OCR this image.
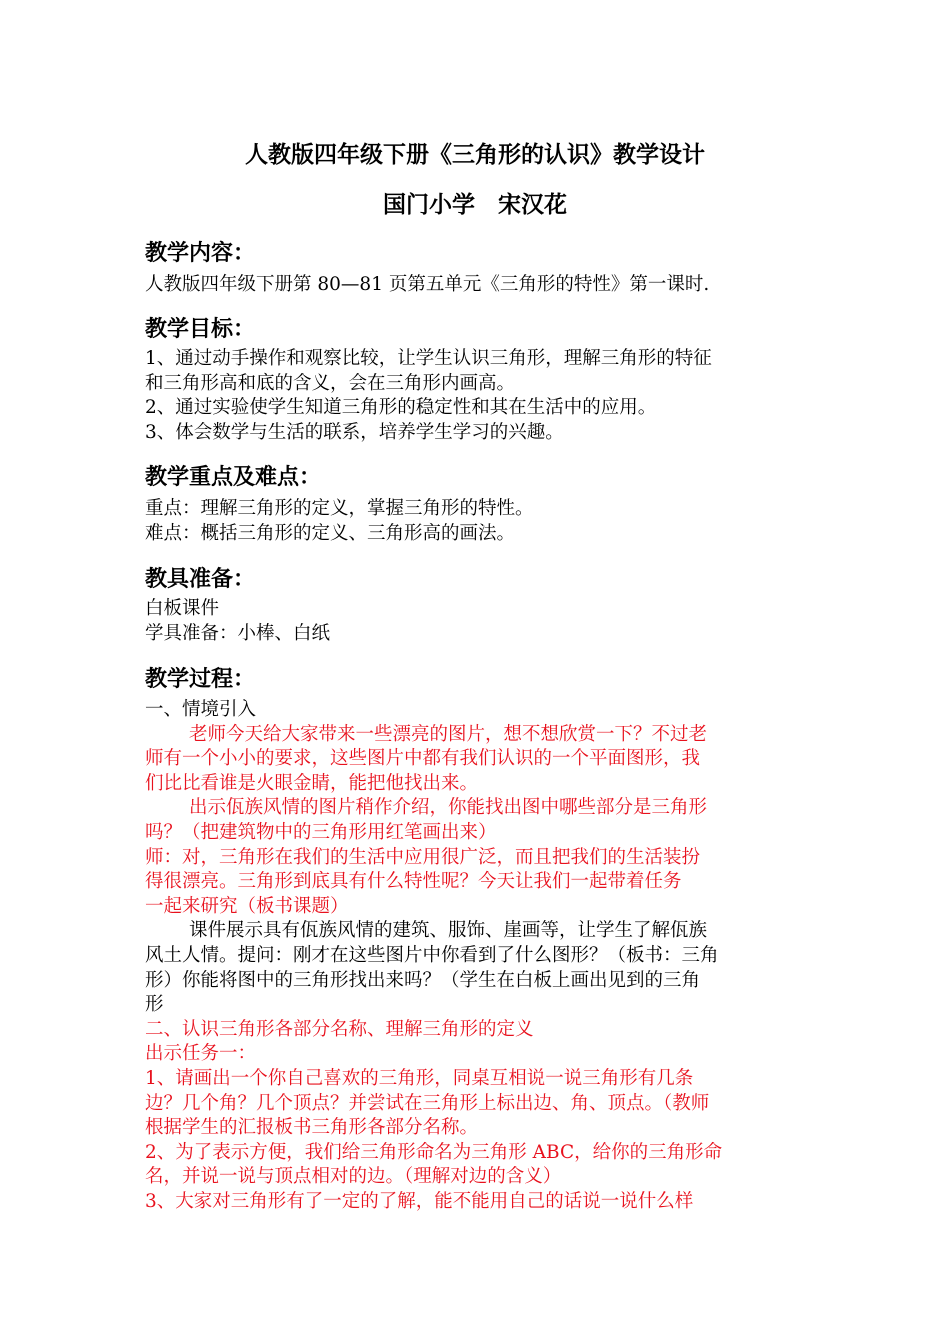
人教版四年级下册《三角形的认识》教学设计
国门小学　宋汉花
教学内容：
人教版四年级下册第 80—81 页第五单元《三角形的特性》第一课时.
教学目标：
1、通过动手操作和观察比较，让学生认识三角形，理解三角形的特征
和三角形高和底的含义，会在三角形内画高。
2、通过实验使学生知道三角形的稳定性和其在生活中的应用。
3、体会数学与生活的联系，培养学生学习的兴趣。
教学重点及难点：
重点：理解三角形的定义，掌握三角形的特性。
难点：概括三角形的定义、三角形高的画法。
教具准备：
白板课件
学具准备：小棒、白纸
教学过程：
一、情境引入
老师今天给大家带来一些漂亮的图片，想不想欣赏一下？不过老
师有一个小小的要求，这些图片中都有我们认识的一个平面图形，我
们比比看谁是火眼金睛，能把他找出来。
出示佤族风情的图片稍作介绍，你能找出图中哪些部分是三角形
吗？（把建筑物中的三角形用红笔画出来）
师：对，三角形在我们的生活中应用很广泛，而且把我们的生活装扮
得很漂亮。三角形到底具有什么特性呢？今天让我们一起带着任务
一起来研究（板书课题）
课件展示具有佤族风情的建筑、服饰、崖画等，让学生了解佤族
风土人情。提问：刚才在这些图片中你看到了什么图形？（板书：三角
形）你能将图中的三角形找出来吗？（学生在白板上画出见到的三角
形
二、认识三角形各部分名称、理解三角形的定义
出示任务一：
1、请画出一个你自己喜欢的三角形，同桌互相说一说三角形有几条
边？几个角？几个顶点？并尝试在三角形上标出边、角、顶点。（教师
根据学生的汇报板书三角形各部分名称。
2、为了表示方便，我们给三角形命名为三角形 ABC，给你的三角形命
名，并说一说与顶点相对的边。（理解对边的含义）
3、大家对三角形有了一定的了解，能不能用自己的话说一说什么样
